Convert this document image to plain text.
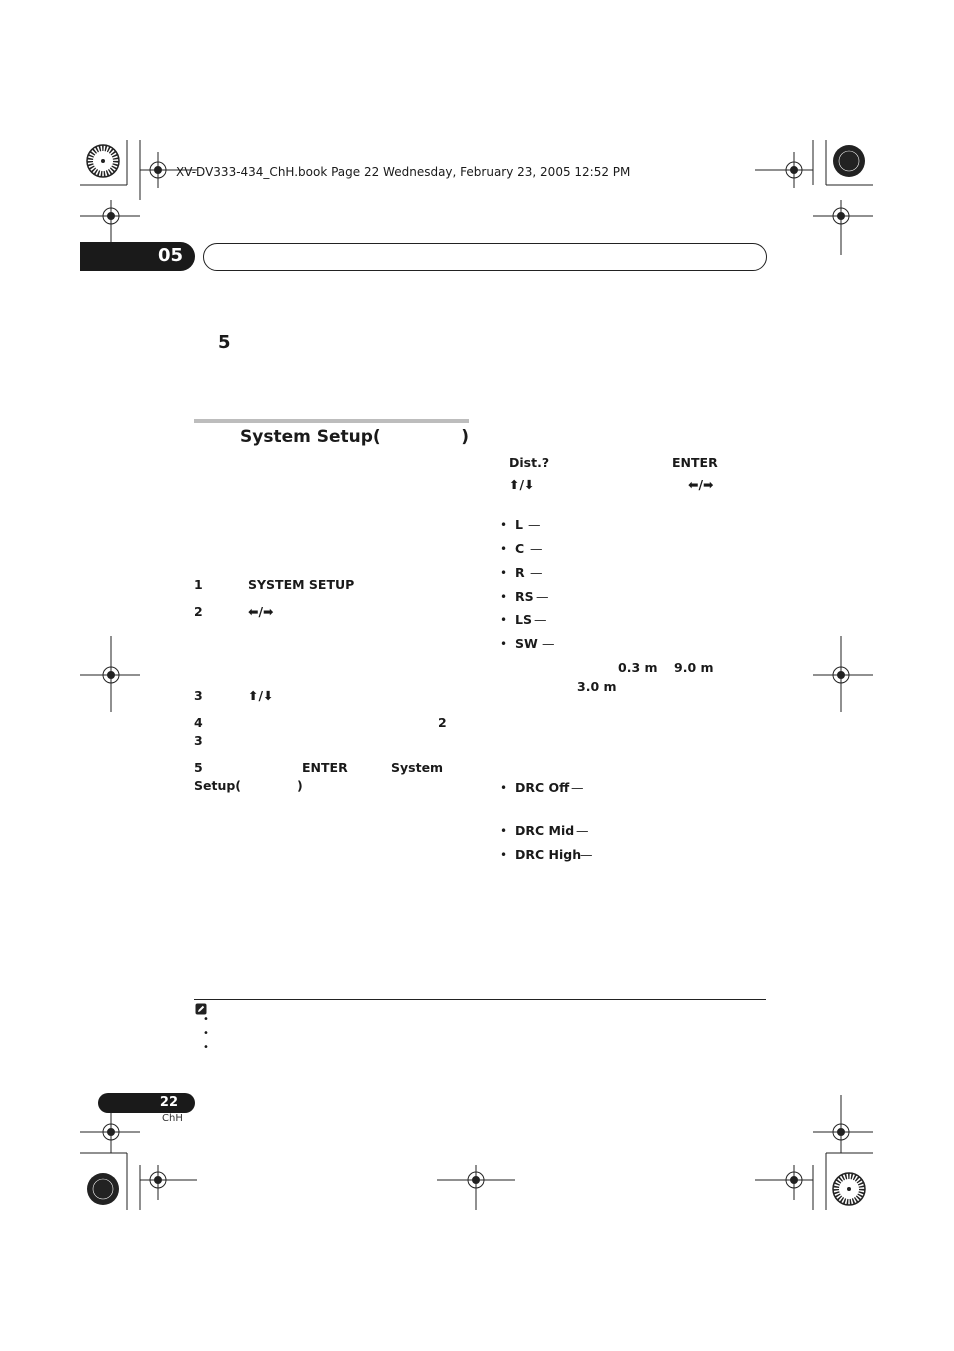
XV-DV333-434_ChH.book Page 22 Wednesday, February 23, 2005 12:52 PM
05
5
System Setup(	)
1	SYSTEM SETUP
2	⬅/➡
3	⬆/⬇
4	2
3
5	ENTER	System
Setup(	)
Dist.?	ENTER
⬆/⬇	⬅/➡
• L —
• C —
• R —
• RS —
• LS —
• SW —
0.3 m 9.0 m
3.0 m
• DRC Off —
• DRC Mid —
• DRC High
—
•
•
•
22
ChH
